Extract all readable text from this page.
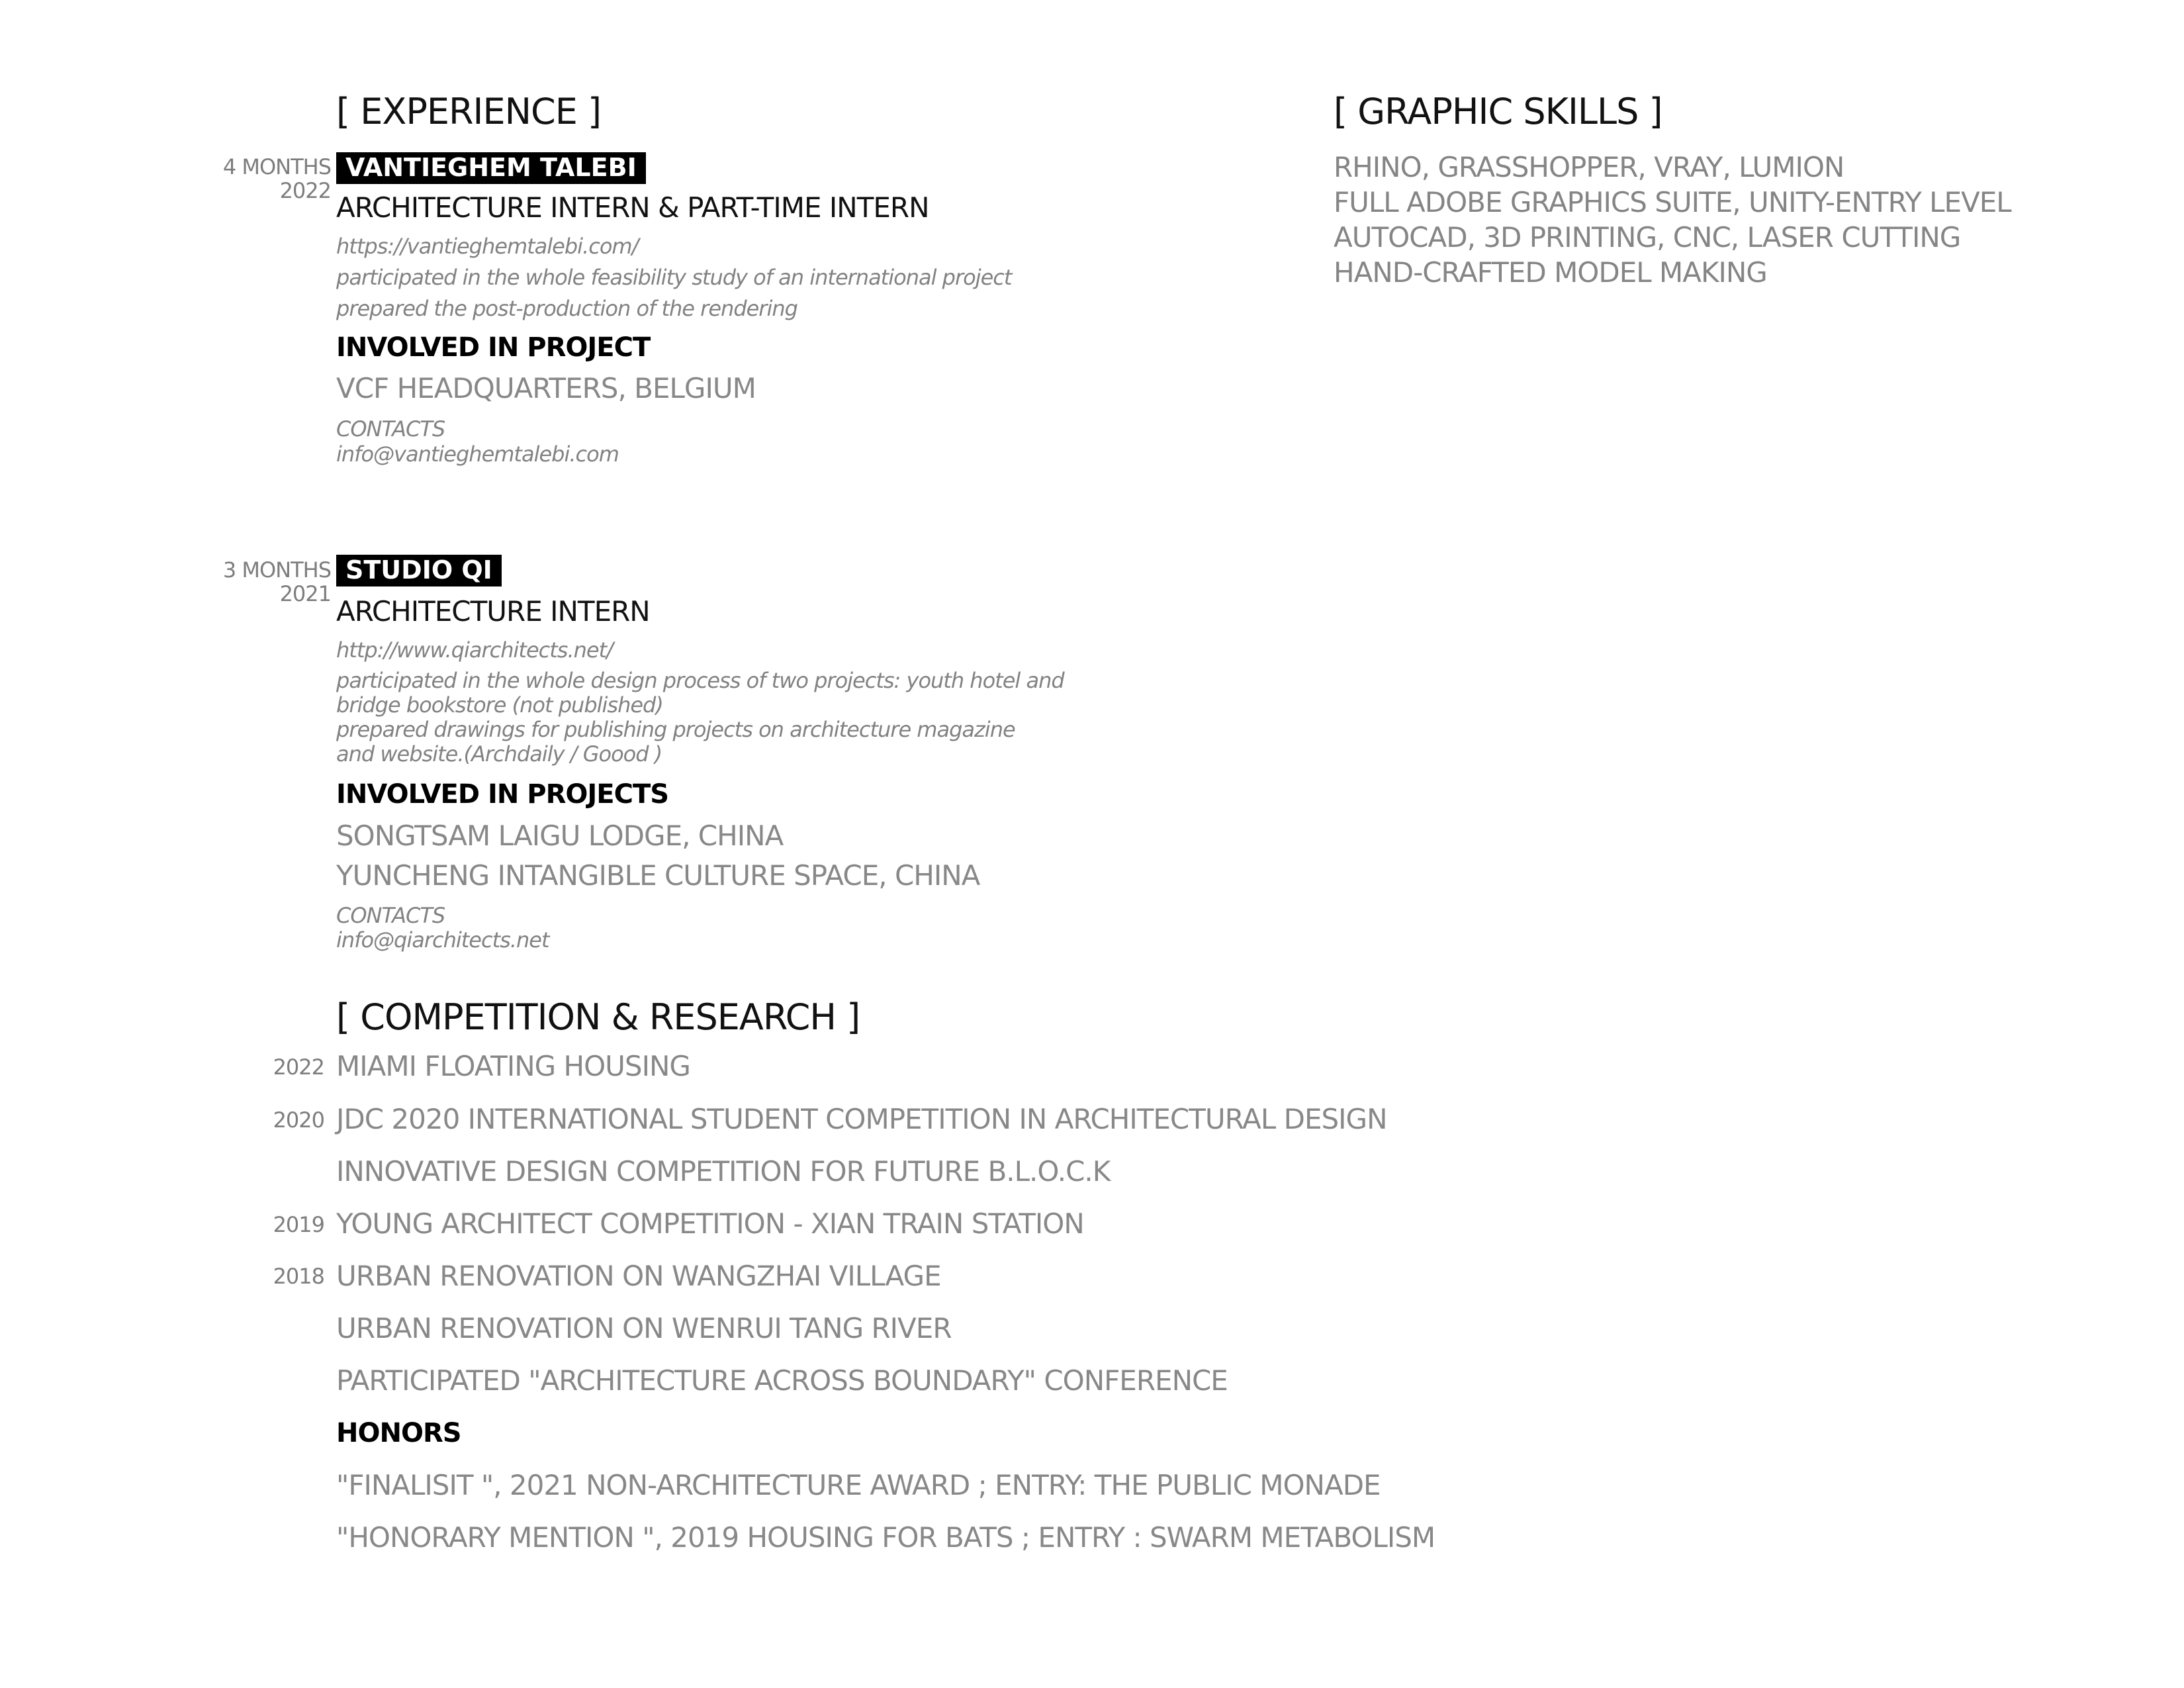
[ EXPERIENCE ]
4 MONTHS
2022
VANTIEGHEM TALEBI
ARCHITECTURE INTERN & PART-TIME INTERN
https://vantieghemtalebi.com/
participated in the whole feasibility study of an international project
prepared the post-production of the rendering
INVOLVED IN PROJECT
VCF HEADQUARTERS, BELGIUM
CONTACTS
info@vantieghemtalebi.com
3 MONTHS
2021
STUDIO QI
ARCHITECTURE INTERN
http://www.qiarchitects.net/
participated in the whole design process of two projects: youth hotel and
bridge bookstore (not published)
prepared drawings for publishing projects on architecture magazine
and website.(Archdaily / Goood )
INVOLVED IN PROJECTS
SONGTSAM LAIGU LODGE, CHINA
YUNCHENG INTANGIBLE CULTURE SPACE, CHINA
CONTACTS
info@qiarchitects.net
[ GRAPHIC SKILLS ]
RHINO, GRASSHOPPER, VRAY, LUMION
FULL ADOBE GRAPHICS SUITE, UNITY-ENTRY LEVEL
AUTOCAD, 3D PRINTING, CNC, LASER CUTTING
HAND-CRAFTED MODEL MAKING
[ COMPETITION & RESEARCH ]
2022 MIAMI FLOATING HOUSING
2020 JDC 2020 INTERNATIONAL STUDENT COMPETITION IN ARCHITECTURAL DESIGN
INNOVATIVE DESIGN COMPETITION FOR FUTURE B.L.O.C.K
2019 YOUNG ARCHITECT COMPETITION - XIAN TRAIN STATION
2018 URBAN RENOVATION ON WANGZHAI VILLAGE
URBAN RENOVATION ON WENRUI TANG RIVER
PARTICIPATED "ARCHITECTURE ACROSS BOUNDARY" CONFERENCE
HONORS
"FINALISIT ", 2021 NON-ARCHITECTURE AWARD ; ENTRY: THE PUBLIC MONADE
"HONORARY MENTION ", 2019 HOUSING FOR BATS ; ENTRY : SWARM METABOLISM
